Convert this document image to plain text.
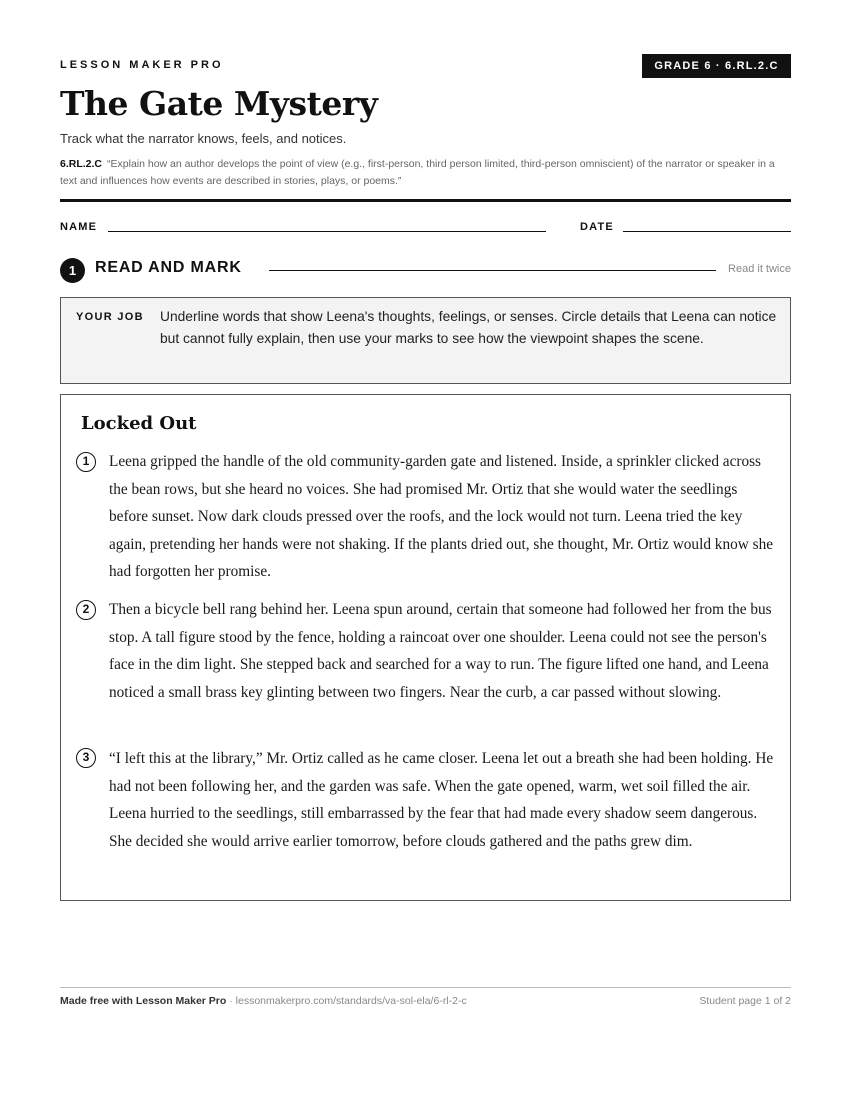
LESSON MAKER PRO	GRADE 6 · 6.RL.2.C
The Gate Mystery
Track what the narrator knows, feels, and notices.
6.RL.2.C “Explain how an author develops the point of view (e.g., first-person, third person limited, third-person omniscient) of the narrator or speaker in a text and influences how events are described in stories, plays, or poems.”
NAME	DATE
1	READ AND MARK	Read it twice
YOUR JOB Underline words that show Leena's thoughts, feelings, or senses. Circle details that Leena can notice but cannot fully explain, then use your marks to see how the viewpoint shapes the scene.
Locked Out
1	Leena gripped the handle of the old community-garden gate and listened. Inside, a sprinkler clicked across the bean rows, but she heard no voices. She had promised Mr. Ortiz that she would water the seedlings before sunset. Now dark clouds pressed over the roofs, and the lock would not turn. Leena tried the key again, pretending her hands were not shaking. If the plants dried out, she thought, Mr. Ortiz would know she had forgotten her promise.
2	Then a bicycle bell rang behind her. Leena spun around, certain that someone had followed her from the bus stop. A tall figure stood by the fence, holding a raincoat over one shoulder. Leena could not see the person's face in the dim light. She stepped back and searched for a way to run. The figure lifted one hand, and Leena noticed a small brass key glinting between two fingers. Near the curb, a car passed without slowing.
3	“I left this at the library,” Mr. Ortiz called as he came closer. Leena let out a breath she had been holding. He had not been following her, and the garden was safe. When the gate opened, warm, wet soil filled the air. Leena hurried to the seedlings, still embarrassed by the fear that had made every shadow seem dangerous. She decided she would arrive earlier tomorrow, before clouds gathered and the paths grew dim.
Made free with Lesson Maker Pro · lessonmakerpro.com/standards/va-sol-ela/6-rl-2-c	Student page 1 of 2
